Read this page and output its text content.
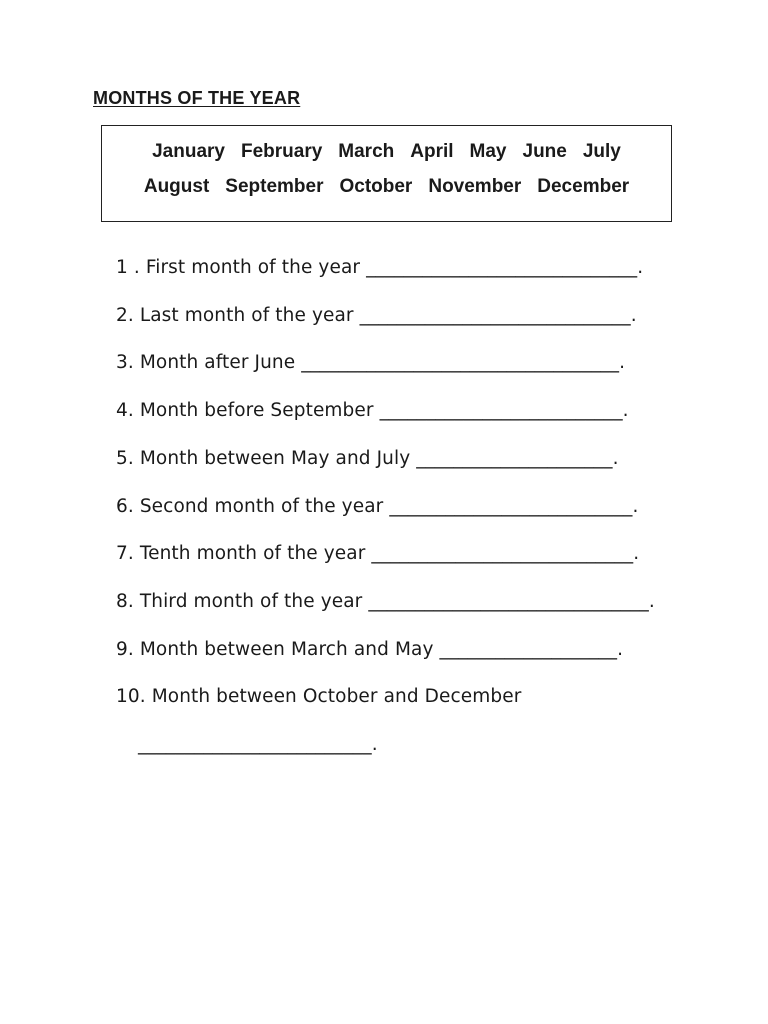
MONTHS OF THE YEAR
January February March April May June July
August September October November December
1 . First month of the year _____________________________.
2. Last month of the year _____________________________.
3. Month after June __________________________________.
4. Month before September __________________________.
5. Month between May and July _____________________.
6. Second month of the year __________________________.
7. Tenth month of the year ____________________________.
8. Third month of the year ______________________________.
9. Month between March and May ___________________.
10. Month between October and December
_________________________.
